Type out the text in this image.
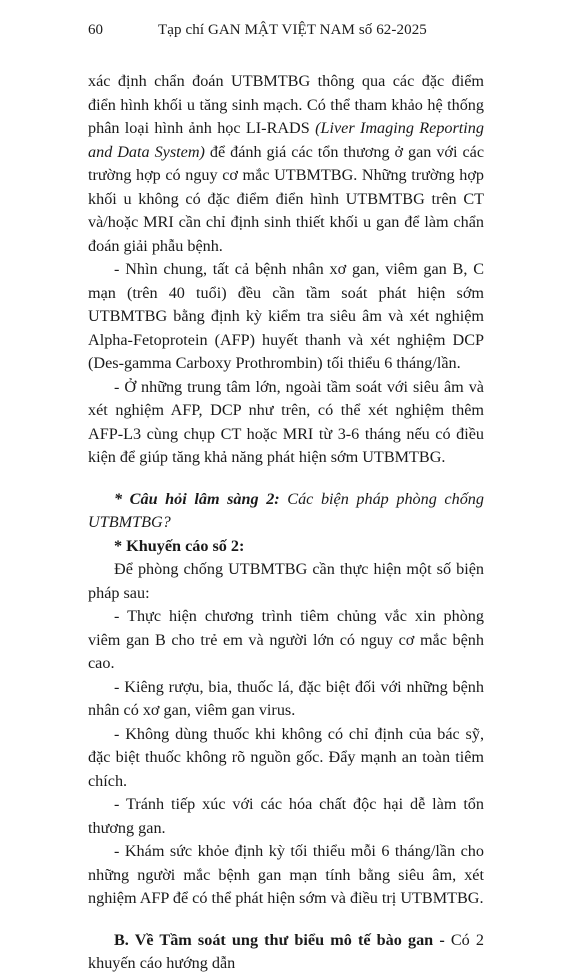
60	Tạp chí GAN MẬT VIỆT NAM số 62-2025

xác định chẩn đoán UTBMTBG thông qua các đặc điểm điển hình khối u tăng sinh mạch. Có thể tham khảo hệ thống phân loại hình ảnh học LI-RADS (Liver Imaging Reporting and Data System) để đánh giá các tổn thương ở gan với các trường hợp có nguy cơ mắc UTBMTBG. Những trường hợp khối u không có đặc điểm điển hình UTBMTBG trên CT và/hoặc MRI cần chỉ định sinh thiết khối u gan để làm chẩn đoán giải phẫu bệnh.

- Nhìn chung, tất cả bệnh nhân xơ gan, viêm gan B, C mạn (trên 40 tuổi) đều cần tầm soát phát hiện sớm UTBMTBG bằng định kỳ kiểm tra siêu âm và xét nghiệm Alpha-Fetoprotein (AFP) huyết thanh và xét nghiệm DCP (Des-gamma Carboxy Prothrombin) tối thiểu 6 tháng/lần.

- Ở những trung tâm lớn, ngoài tầm soát với siêu âm và xét nghiệm AFP, DCP như trên, có thể xét nghiệm thêm AFP-L3 cùng chụp CT hoặc MRI từ 3-6 tháng nếu có điều kiện để giúp tăng khả năng phát hiện sớm UTBMTBG.

* Câu hỏi lâm sàng 2: Các biện pháp phòng chống UTBMTBG?

* Khuyến cáo số 2:

Để phòng chống UTBMTBG cần thực hiện một số biện pháp sau:

- Thực hiện chương trình tiêm chủng vắc xin phòng viêm gan B cho trẻ em và người lớn có nguy cơ mắc bệnh cao.

- Kiêng rượu, bia, thuốc lá, đặc biệt đối với những bệnh nhân có xơ gan, viêm gan virus.

- Không dùng thuốc khi không có chỉ định của bác sỹ, đặc biệt thuốc không rõ nguồn gốc. Đẩy mạnh an toàn tiêm chích.

- Tránh tiếp xúc với các hóa chất độc hại dễ làm tổn thương gan.

- Khám sức khỏe định kỳ tối thiểu mỗi 6 tháng/lần cho những người mắc bệnh gan mạn tính bằng siêu âm, xét nghiệm AFP để có thể phát hiện sớm và điều trị UTBMTBG.

B. Về Tầm soát ung thư biểu mô tế bào gan - Có 2 khuyến cáo hướng dẫn
